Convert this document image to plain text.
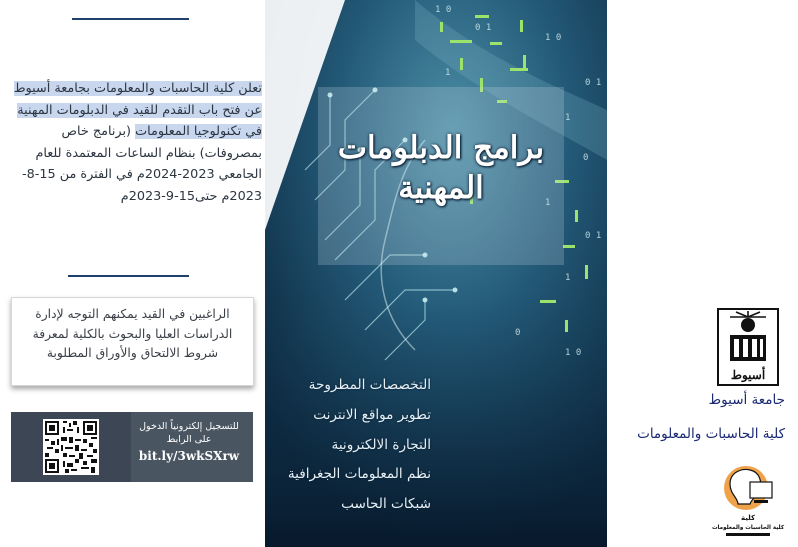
تعلن كلية الحاسبات والمعلومات بجامعة أسيوط عن فتح باب التقدم للقيد في الدبلومات المهنية في تكنولوجيا المعلومات (برنامج خاص بمصروفات) بنظام الساعات المعتمدة للعام الجامعي 2023-2024م في الفترة من 15-8-2023م حتى15-9-2023م
الراغبين في القيد يمكنهم التوجه لإدارة الدراسات العليا والبحوث بالكلية لمعرفة شروط الالتحاق والأوراق المطلوبة
للتسجيل إلكترونياً الدخول على الرابط
bit.ly/3wkSXrw
1 0
0 1
1 0
1
0 1
1
0
1
0 1
1
0
1 0
برامج الدبلومات
المهنية
التخصصات المطروحة
تطوير مواقع الانترنت
التجارة الالكترونية
نظم المعلومات الجغرافية
شبكات الحاسب
أسيوط
جامعة أسيوط
كلية الحاسبات والمعلومات
كلية
كلية الحاسبات والمعلومات
